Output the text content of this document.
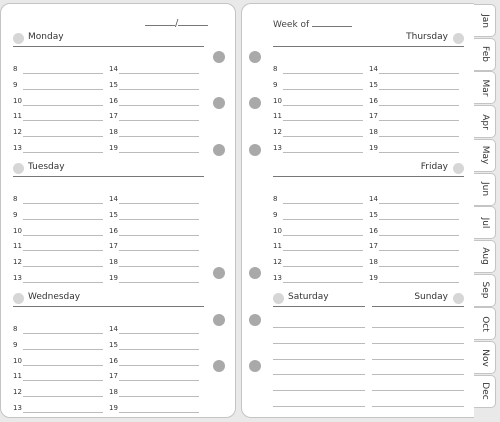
/
Monday
8
9
10
11
12
13
14
15
16
17
18
19
Tuesday
8
9
10
11
12
13
14
15
16
17
18
19
Wednesday
8
9
10
11
12
13
14
15
16
17
18
19
Week of
Thursday
8
9
10
11
12
13
14
15
16
17
18
19
Friday
8
9
10
11
12
13
14
15
16
17
18
19
Saturday	Sunday
Jan
Feb
Mar
Apr
May
Jun
Jul
Aug
Sep
Oct
Nov
Dec
